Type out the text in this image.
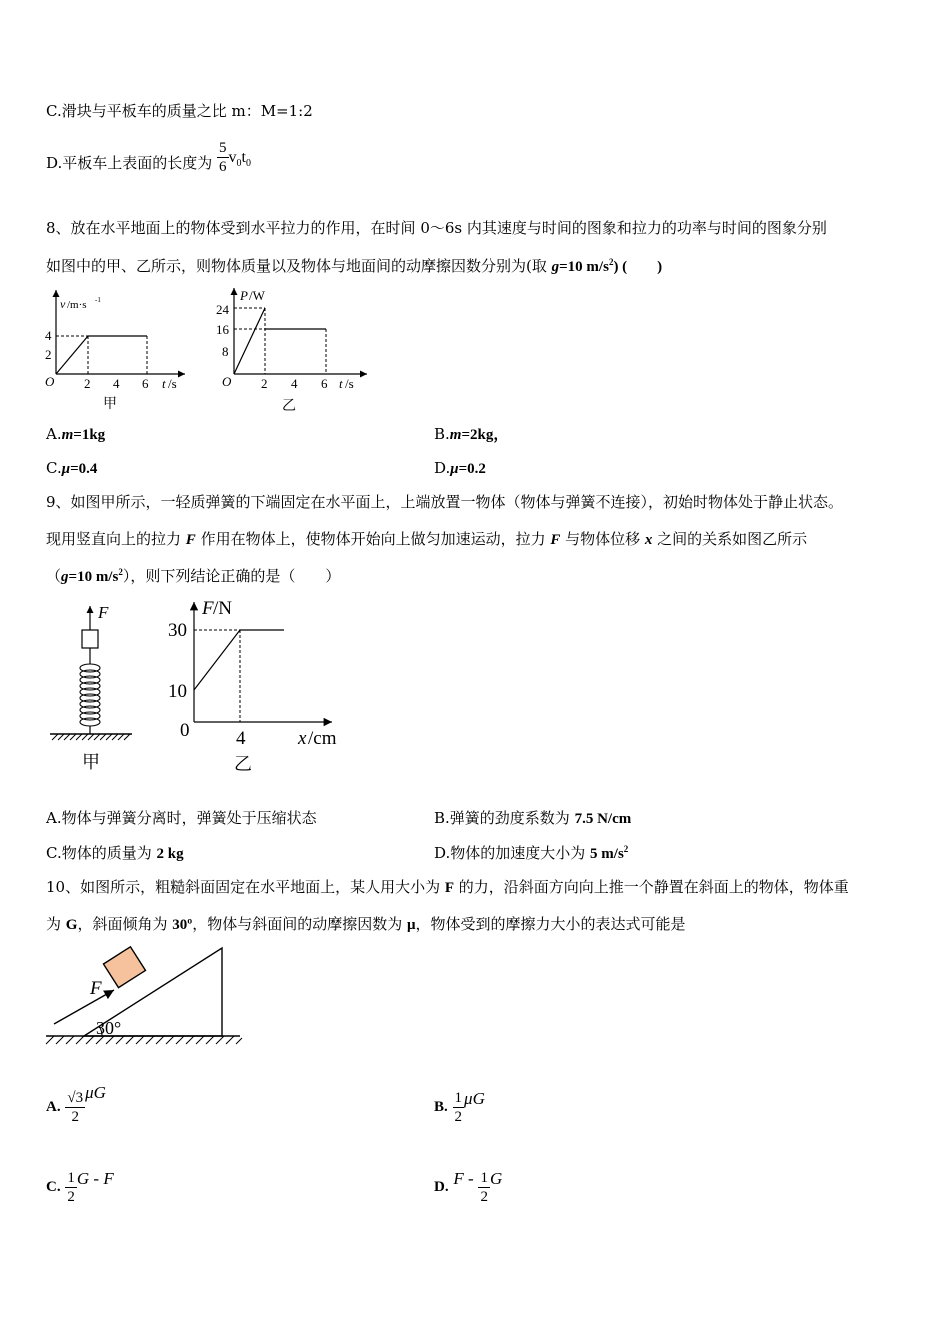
C.滑块与平板车的质量之比 m：M=1:2
D.平板车上表面的长度为 $\frac{5}{6} v_0t_0$
8、放在水平地面上的物体受到水平拉力的作用，在时间 0～6s 内其速度与时间的图象和拉力的功率与时间的图象分别
如图中的甲、乙所示，则物体质量以及物体与地面间的动摩擦因数分别为(取 g=10 $m/s^2$) (　　)
v /m·s -1
O
4
2
2 4 6 t /s
甲
P /W
O
24
16
8
2 4 6 t /s
乙
A.m=1kg	B.m=2kg，
C.μ=0.4	D.μ=0.2
9、如图甲所示，一轻质弹簧的下端固定在水平面上，上端放置一物体（物体与弹簧不连接），初始时物体处于静止状态。
现用竖直向上的拉力 F 作用在物体上，使物体开始向上做匀加速运动，拉力 F 与物体位移 x 之间的关系如图乙所示
（g=10 $m/s^2$），则下列结论正确的是（　　）
F
甲
F /N
30
10
0 4	x /cm
乙
A.物体与弹簧分离时，弹簧处于压缩状态	B.弹簧的劲度系数为 7.5 N/cm
C.物体的质量为 2 kg	D.物体的加速度大小为 5 $m/s^2$
10、如图所示，粗糙斜面固定在水平地面上，某人用大小为 F 的力，沿斜面方向向上推一个静置在斜面上的物体，物体重
为 G，斜面倾角为 30º，物体与斜面间的动摩擦因数为 μ，物体受到的摩擦力大小的表达式可能是
F
30°
A. $\frac{√3}{2}$ μG
B. $\frac{1}{2}$ μG
C. $\frac{1}{2}$ G - F	D. F - $\frac{1}{2}$ G
